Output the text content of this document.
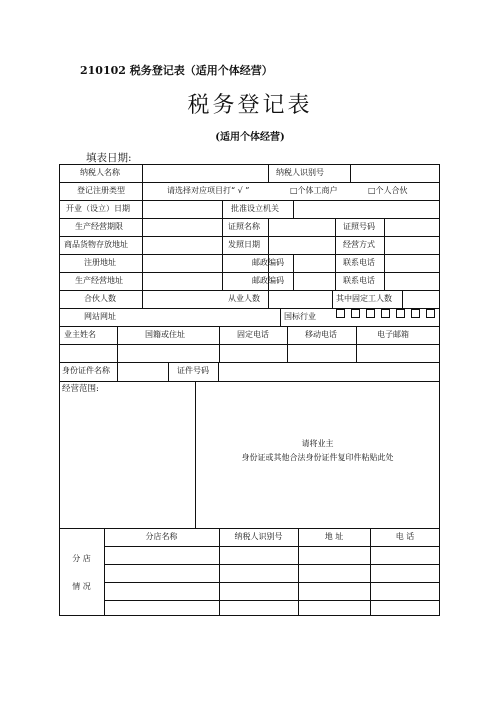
210102 税务登记表（适用个体经营）
税务登记表
(适用个体经营)
填表日期:
纳税人名称	纳税人识别号
登记注册类型	请选择对应项目打“ √ ”	□个体工商户	□个人合伙
开业（设立）日期	批准设立机关
生产经营期限	证照名称	证照号码
商品货物存放地址	发照日期	经营方式
注册地址	邮政编码	联系电话
生产经营地址	邮政编码	联系电话
合伙人数	从业人数	其中固定工人数
网站网址	国标行业
业主姓名	国籍或住址	固定电话	移动电话	电子邮箱
身份证件名称	证件号码
经营范围:
请将业主
身份证或其他合法身份证件复印件粘贴此处
分 店
情 况
分店名称	纳税人识别号	地 址	电 话
